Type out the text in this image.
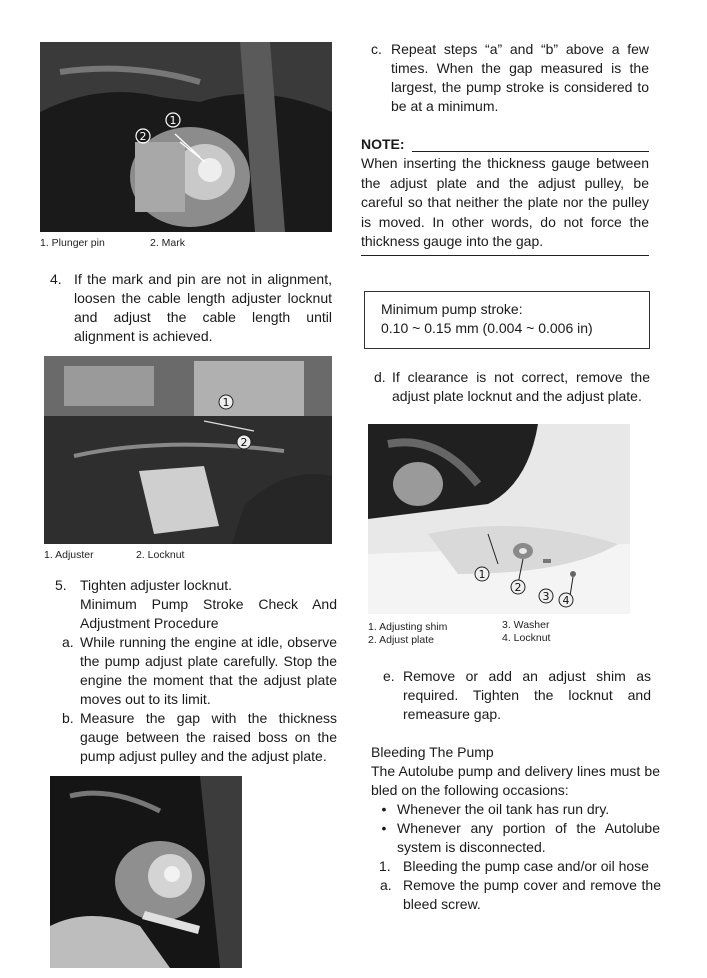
1
2
1. Plunger pin	2. Mark
4. If the mark and pin are not in alignment, loosen the cable length adjuster locknut and adjust the cable length until alignment is achieved.

1
2
1. Adjuster	2. Locknut
5. Tighten adjuster locknut.

Minimum Pump Stroke Check And Adjustment Procedure

a. While running the engine at idle, observe the pump adjust plate carefully. Stop the engine the moment that the adjust plate moves out to its limit.

b. Measure the gap with the thickness gauge between the raised boss on the pump adjust pulley and the adjust plate.

c. Repeat steps “a” and “b” above a few times. When the gap measured is the largest, the pump stroke is considered to be at a minimum.

NOTE:
When inserting the thickness gauge between the adjust plate and the adjust pulley, be careful so that neither the plate nor the pulley is moved. In other words, do not force the thickness gauge into the gap.
Minimum pump stroke:
0.10 ~ 0.15 mm (0.004 ~ 0.006 in)
d. If clearance is not correct, remove the adjust plate locknut and the adjust plate.

1
2
3 4
1. Adjusting shim
2. Adjust plate
3. Washer
4. Locknut
e. Remove or add an adjust shim as required. Tighten the locknut and remeasure gap.

Bleeding The Pump
The Autolube pump and delivery lines must be bled on the following occasions:
• Whenever the oil tank has run dry.

• Whenever any portion of the Autolube system is disconnected.

1. Bleeding the pump case and/or oil hose

a. Remove the pump cover and remove the bleed screw.
